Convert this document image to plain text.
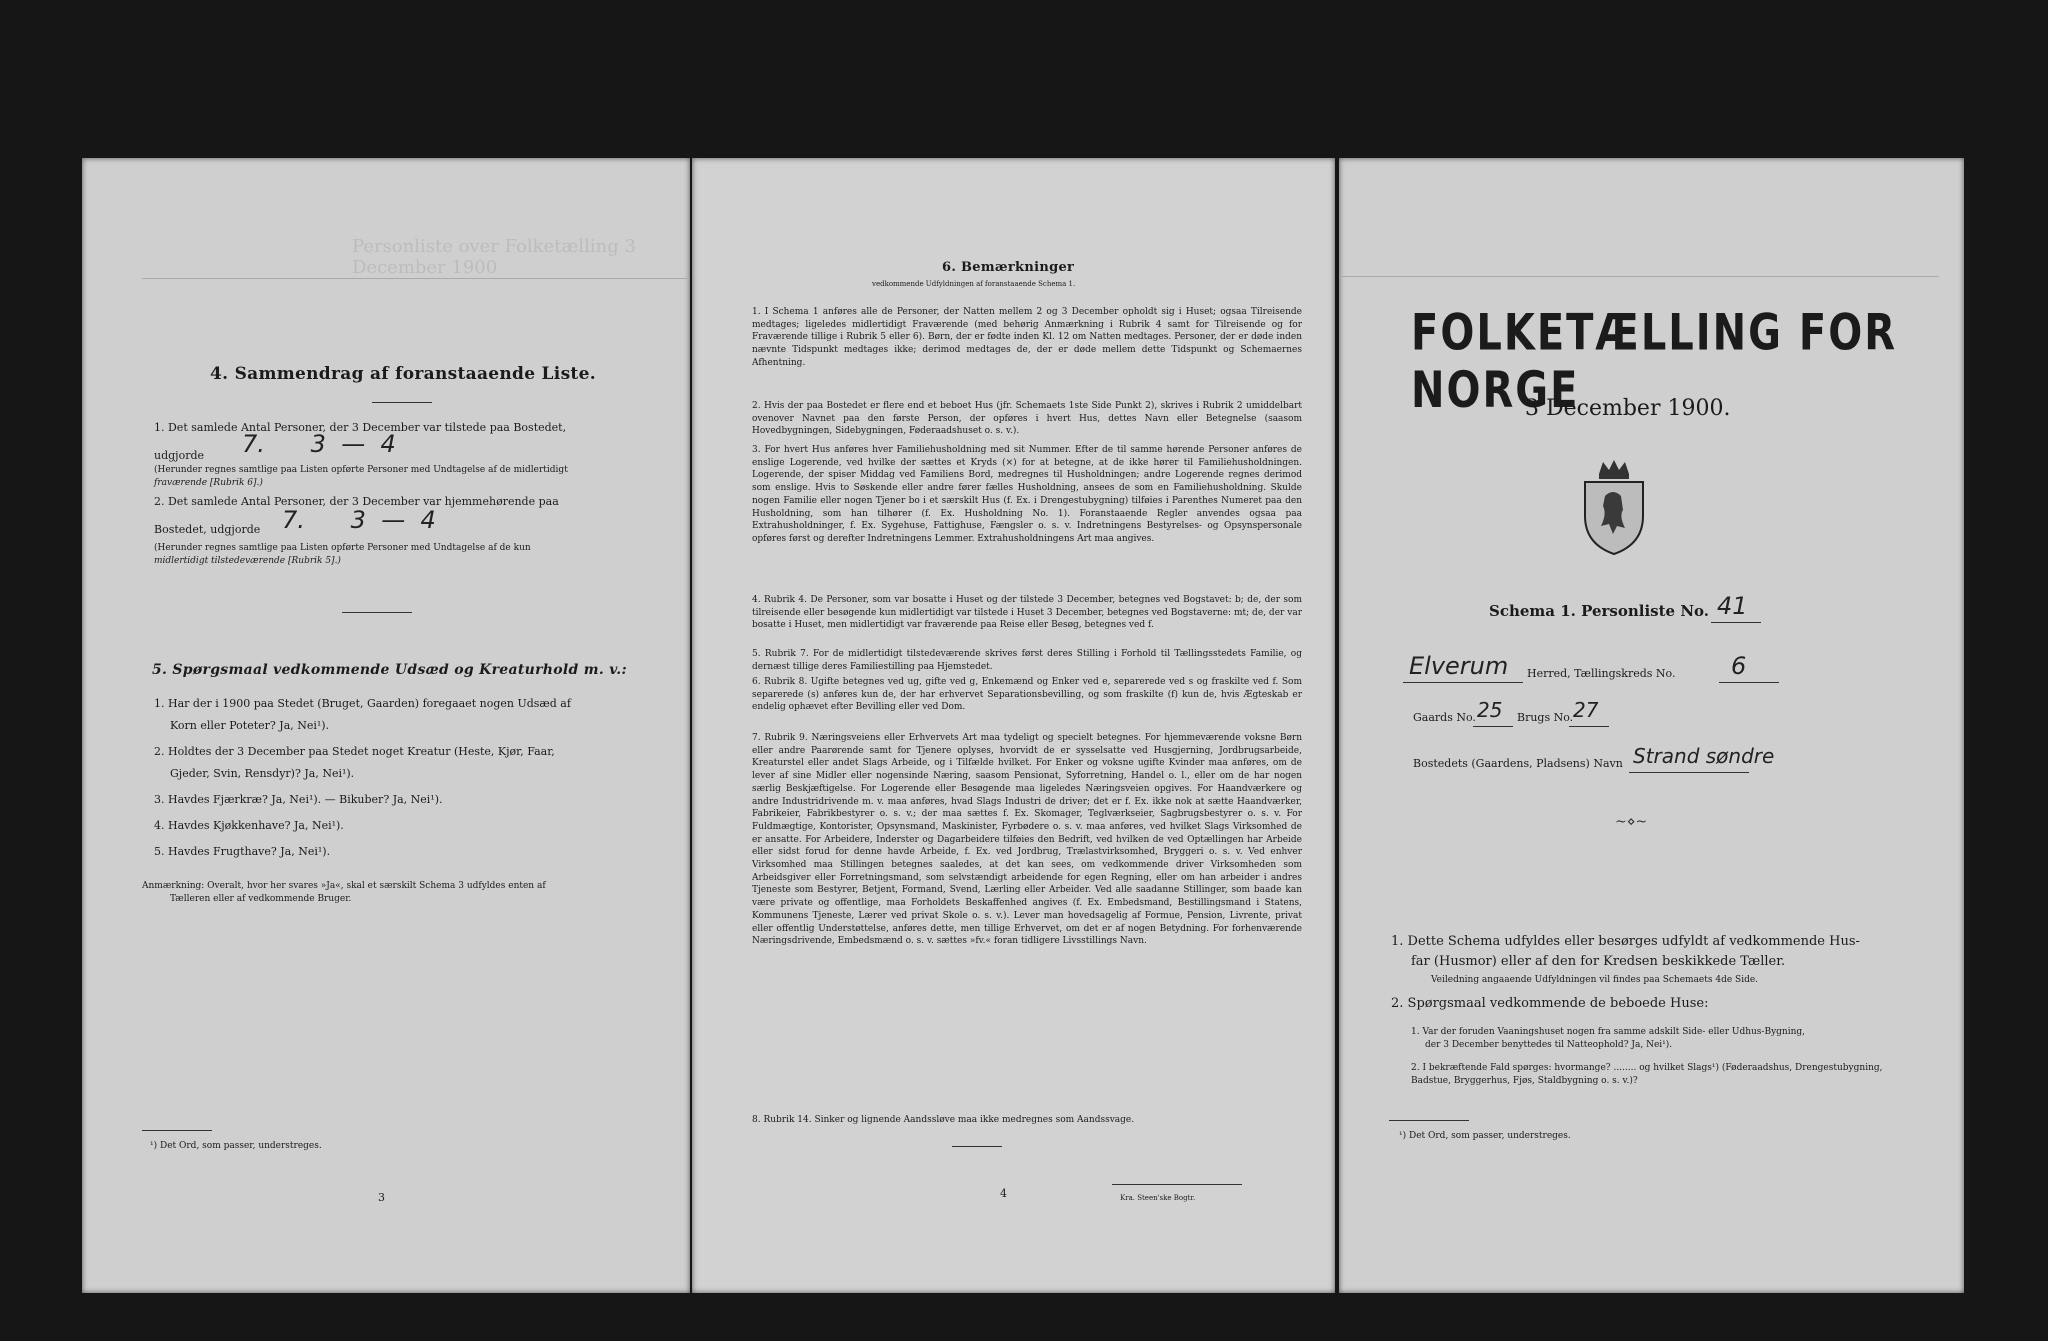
Personliste over Folketælling 3 December 1900
4. Sammendrag af foranstaaende Liste.
1. Det samlede Antal Personer, der 3 December var tilstede paa Bostedet,
udgjorde 7.      3  —  4
(Herunder regnes samtlige paa Listen opførte Personer med Undtagelse af de midlertidigt
fraværende [Rubrik 6].)
2. Det samlede Antal Personer, der 3 December var hjemmehørende paa
Bostedet, udgjorde 7.      3  —  4
(Herunder regnes samtlige paa Listen opførte Personer med Undtagelse af de kun
midlertidigt tilstedeværende [Rubrik 5].)
5. Spørgsmaal vedkommende Udsæd og Kreaturhold m. v.:
1. Har der i 1900 paa Stedet (Bruget, Gaarden) foregaaet nogen Udsæd af
Korn eller Poteter? Ja, Nei¹).
2. Holdtes der 3 December paa Stedet noget Kreatur (Heste, Kjør, Faar,
Gjeder, Svin, Rensdyr)? Ja, Nei¹).
3. Havdes Fjærkræ? Ja, Nei¹). — Bikuber? Ja, Nei¹).
4. Havdes Kjøkkenhave? Ja, Nei¹).
5. Havdes Frugthave? Ja, Nei¹).
Anmærkning: Overalt, hvor her svares »Ja«, skal et særskilt Schema 3 udfyldes enten af
Tælleren eller af vedkommende Bruger.
¹) Det Ord, som passer, understreges.
3
6. Bemærkninger
vedkommende Udfyldningen af foranstaaende Schema 1.
1. I Schema 1 anføres alle de Personer, der Natten mellem 2 og 3 December opholdt sig i Huset; ogsaa Tilreisende medtages; ligeledes midlertidigt Fraværende (med behørig Anmærkning i Rubrik 4 samt for Tilreisende og for Fraværende tillige i Rubrik 5 eller 6). Børn, der er fødte inden Kl. 12 om Natten medtages. Personer, der er døde inden nævnte Tidspunkt medtages ikke; derimod medtages de, der er døde mellem dette Tidspunkt og Schemaernes Afhentning.
2. Hvis der paa Bostedet er flere end et beboet Hus (jfr. Schemaets 1ste Side Punkt 2), skrives i Rubrik 2 umiddelbart ovenover Navnet paa den første Person, der opføres i hvert Hus, dettes Navn eller Betegnelse (saasom Hovedbygningen, Sidebygningen, Føderaadshuset o. s. v.).
3. For hvert Hus anføres hver Familiehusholdning med sit Nummer. Efter de til samme hørende Personer anføres de enslige Logerende, ved hvilke der sættes et Kryds (×) for at betegne, at de ikke hører til Familiehusholdningen. Logerende, der spiser Middag ved Familiens Bord, medregnes til Husholdningen; andre Logerende regnes derimod som enslige. Hvis to Søskende eller andre fører fælles Husholdning, ansees de som en Familiehusholdning. Skulde nogen Familie eller nogen Tjener bo i et særskilt Hus (f. Ex. i Drengestubygning) tilføies i Parenthes Numeret paa den Husholdning, som han tilhører (f. Ex. Husholdning No. 1). Foranstaaende Regler anvendes ogsaa paa Extrahusholdninger, f. Ex. Sygehuse, Fattighuse, Fængsler o. s. v. Indretningens Bestyrelses- og Opsynspersonale opføres først og derefter Indretningens Lemmer. Extrahusholdningens Art maa angives.
4. Rubrik 4. De Personer, som var bosatte i Huset og der tilstede 3 December, betegnes ved Bogstavet: b; de, der som tilreisende eller besøgende kun midlertidigt var tilstede i Huset 3 December, betegnes ved Bogstaverne: mt; de, der var bosatte i Huset, men midlertidigt var fraværende paa Reise eller Besøg, betegnes ved f.
5. Rubrik 7. For de midlertidigt tilstedeværende skrives først deres Stilling i Forhold til Tællingsstedets Familie, og dernæst tillige deres Familiestilling paa Hjemstedet.
6. Rubrik 8. Ugifte betegnes ved ug, gifte ved g, Enkemænd og Enker ved e, separerede ved s og fraskilte ved f. Som separerede (s) anføres kun de, der har erhvervet Separationsbevilling, og som fraskilte (f) kun de, hvis Ægteskab er endelig ophævet efter Bevilling eller ved Dom.
7. Rubrik 9. Næringsveiens eller Erhvervets Art maa tydeligt og specielt betegnes. For hjemmeværende voksne Børn eller andre Paarørende samt for Tjenere oplyses, hvorvidt de er sysselsatte ved Husgjerning, Jordbrugsarbeide, Kreaturstel eller andet Slags Arbeide, og i Tilfælde hvilket. For Enker og voksne ugifte Kvinder maa anføres, om de lever af sine Midler eller nogensinde Næring, saasom Pensionat, Syforretning, Handel o. l., eller om de har nogen særlig Beskjæftigelse. For Logerende eller Besøgende maa ligeledes Næringsveien opgives. For Haandværkere og andre Industridrivende m. v. maa anføres, hvad Slags Industri de driver; det er f. Ex. ikke nok at sætte Haandværker, Fabrikeier, Fabrikbestyrer o. s. v.; der maa sættes f. Ex. Skomager, Teglværkseier, Sagbrugsbestyrer o. s. v. For Fuldmægtige, Kontorister, Opsynsmand, Maskinister, Fyrbødere o. s. v. maa anføres, ved hvilket Slags Virksomhed de er ansatte. For Arbeidere, Inderster og Dagarbeidere tilføies den Bedrift, ved hvilken de ved Optællingen har Arbeide eller sidst forud for denne havde Arbeide, f. Ex. ved Jordbrug, Trælastvirksomhed, Bryggeri o. s. v. Ved enhver Virksomhed maa Stillingen betegnes saaledes, at det kan sees, om vedkommende driver Virksomheden som Arbeidsgiver eller Forretningsmand, som selvstændigt arbeidende for egen Regning, eller om han arbeider i andres Tjeneste som Bestyrer, Betjent, Formand, Svend, Lærling eller Arbeider. Ved alle saadanne Stillinger, som baade kan være private og offentlige, maa Forholdets Beskaffenhed angives (f. Ex. Embedsmand, Bestillingsmand i Statens, Kommunens Tjeneste, Lærer ved privat Skole o. s. v.). Lever man hovedsagelig af Formue, Pension, Livrente, privat eller offentlig Understøttelse, anføres dette, men tillige Erhvervet, om det er af nogen Betydning. For forhenværende Næringsdrivende, Embedsmænd o. s. v. sættes »fv.« foran tidligere Livsstillings Navn.
8. Rubrik 14. Sinker og lignende Aandssløve maa ikke medregnes som Aandssvage.
4	Kra. Steen'ske Bogtr.
FOLKETÆLLING FOR NORGE
3 December 1900.
Schema 1. Personliste No. 41
Elverum Herred, Tællingskreds No. 6
Gaards No. 25 Brugs No. 27
Bostedets (Gaardens, Pladsens) Navn Strand søndre
~⋄~
1. Dette Schema udfyldes eller besørges udfyldt af vedkommende Hus-
far (Husmor) eller af den for Kredsen beskikkede Tæller.
Veiledning angaaende Udfyldningen vil findes paa Schemaets 4de Side.
2. Spørgsmaal vedkommende de beboede Huse:
1. Var der foruden Vaaningshuset nogen fra samme adskilt Side- eller Udhus-Bygning,
der 3 December benyttedes til Natteophold? Ja, Nei¹).
2. I bekræftende Fald spørges: hvormange? ........ og hvilket Slags¹) (Føderaadshus, Drengestubygning, Badstue, Bryggerhus, Fjøs, Staldbygning o. s. v.)?
¹) Det Ord, som passer, understreges.
